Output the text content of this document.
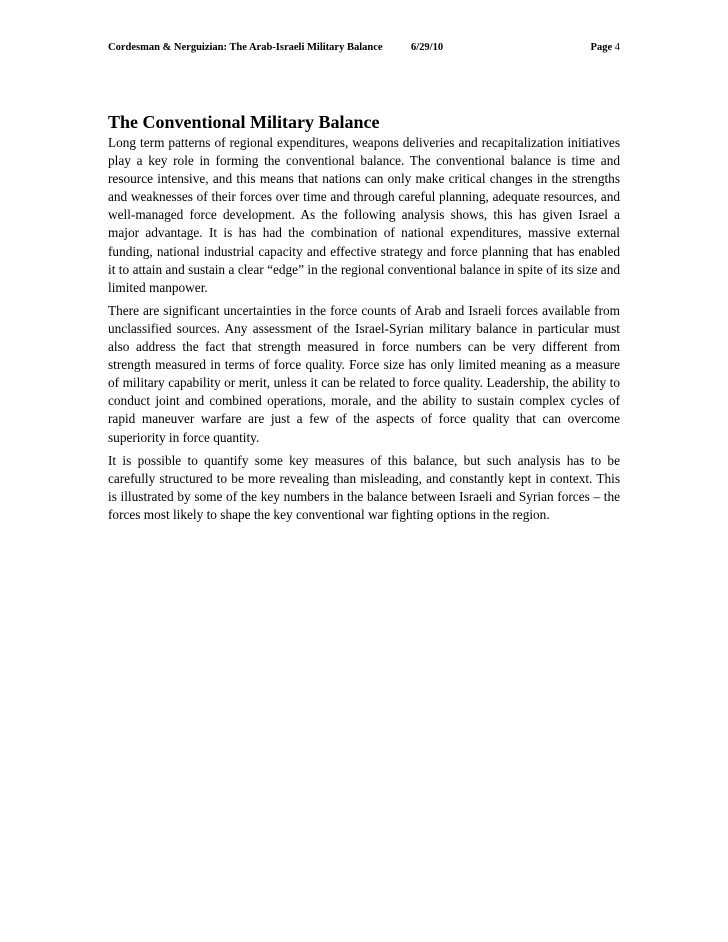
Cordesman & Nerguizian: The Arab-Israeli Military Balance	6/29/10	Page 4
The Conventional Military Balance

Long term patterns of regional expenditures, weapons deliveries and recapitalization initiatives play a key role in forming the conventional balance. The conventional balance is time and resource intensive, and this means that nations can only make critical changes in the strengths and weaknesses of their forces over time and through careful planning, adequate resources, and well-managed force development. As the following analysis shows, this has given Israel a major advantage. It is has had the combination of national expenditures, massive external funding, national industrial capacity and effective strategy and force planning that has enabled it to attain and sustain a clear “edge” in the regional conventional balance in spite of its size and limited manpower.

There are significant uncertainties in the force counts of Arab and Israeli forces available from unclassified sources. Any assessment of the Israel-Syrian military balance in particular must also address the fact that strength measured in force numbers can be very different from strength measured in terms of force quality. Force size has only limited meaning as a measure of military capability or merit, unless it can be related to force quality. Leadership, the ability to conduct joint and combined operations, morale, and the ability to sustain complex cycles of rapid maneuver warfare are just a few of the aspects of force quality that can overcome superiority in force quantity.

It is possible to quantify some key measures of this balance, but such analysis has to be carefully structured to be more revealing than misleading, and constantly kept in context. This is illustrated by some of the key numbers in the balance between Israeli and Syrian forces – the forces most likely to shape the key conventional war fighting options in the region.
